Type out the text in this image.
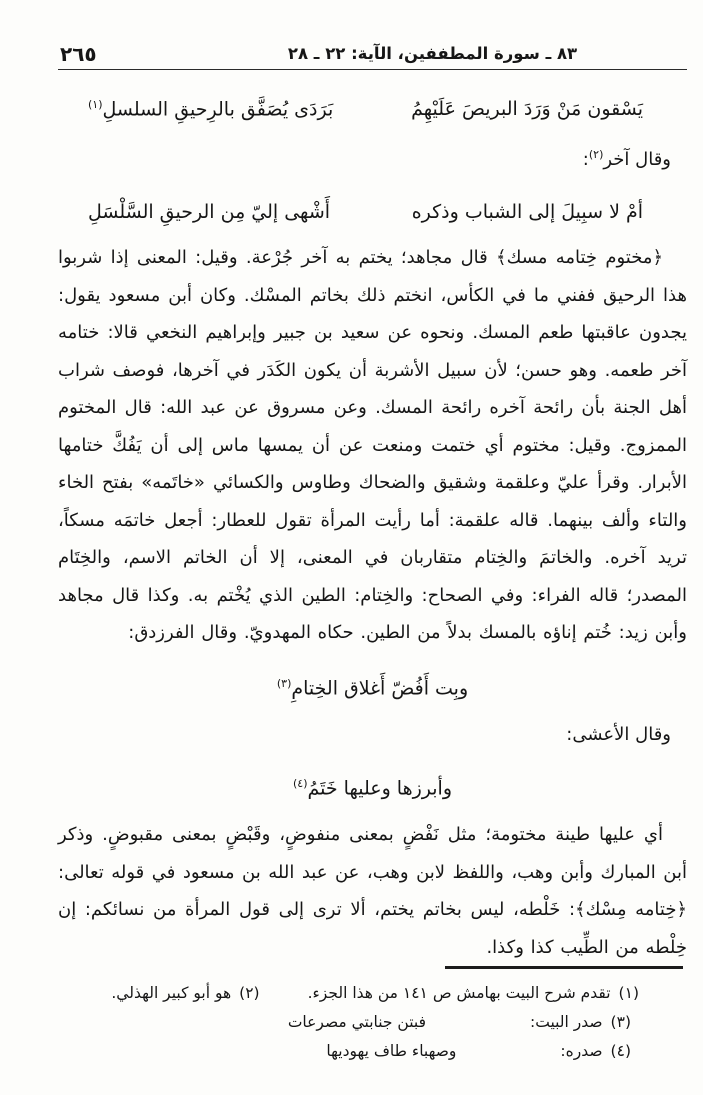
٨٣ ـ سورة المطففين، الآية: ٢٢ ـ ٢٨
٢٦٥
يَسْقون مَنْ وَرَدَ البريصَ عَلَيْهِمُ
بَرَدَى يُصَفَّق بالرِحيقِ السلسلِ$^{(١)}$
وقال آخر$^{(٢)}$:
أمْ لا سبِيلَ إلى الشباب وذكره
أَشْهى إليّ مِن الرحيقِ السَّلْسَلِ

﴿مختوم خِتامه مسك﴾ قال مجاهد؛ يختم به آخر جُرْعة. وقيل: المعنى إذا شربوا هذا الرحيق ففني ما في الكأس، انختم ذلك بخاتم المسْك. وكان أبن مسعود يقول: يجدون عاقبتها طعم المسك. ونحوه عن سعيد بن جبير وإبراهيم النخعي قالا: ختامه آخر طعمه. وهو حسن؛ لأن سبيل الأشربة أن يكون الكَدَر في آخرها، فوصف شراب أهل الجنة بأن رائحة آخره رائحة المسك. وعن مسروق عن عبد الله: قال المختوم الممزوج. وقيل: مختوم أي ختمت ومنعت عن أن يمسها ماس إلى أن يَفُكَّ ختامها الأبرار. وقرأ عليّ وعلقمة وشقيق والضحاك وطاوس والكسائي «خاتَمه» بفتح الخاء والتاء وألف بينهما. قاله علقمة: أما رأيت المرأة تقول للعطار: أجعل خاتمَه مسكاً، تريد آخره. والخاتمَ والخِتام متقاربان في المعنى، إلا أن الخاتم الاسم، والخِتَام المصدر؛ قاله الفراء: وفي الصحاح: والخِتام: الطين الذي يُخْتم به. وكذا قال مجاهد وأبن زيد: خُتم إناؤه بالمسك بدلاً من الطين. حكاه المهدويّ. وقال الفرزدق:

وبِت أَفُضّ أَغلاق الخِتامِ$^{(٣)}$
وقال الأعشى:
وأبرزها وعليها خَتَمُ$^{(٤)}$

أي عليها طينة مختومة؛ مثل نَفْضٍ بمعنى منفوضٍ، وقَبْضٍ بمعنى مقبوضٍ. وذكر أبن المبارك وأبن وهب، واللفظ لابن وهب، عن عبد الله بن مسعود في قوله تعالى: ﴿خِتامه مِسْك﴾: خَلْطه، ليس بخاتم يختم، ألا ترى إلى قول المرأة من نسائكم: إن خِلْطه من الطِّيب كذا وكذا.

(١)تقدم شرح البيت بهامش ص ١٤١ من هذا الجزء.
(٢)هو أبو كبير الهذلي.
(٣)صدر البيت:
فبتن جنابتي مصرعات
(٤)صدره:
وصهباء طاف يهوديها
